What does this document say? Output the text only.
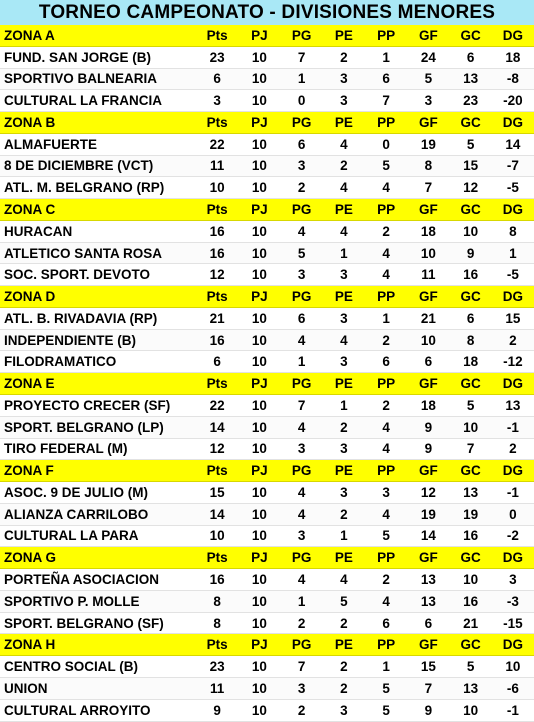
TORNEO CAMPEONATO - DIVISIONES MENORES
ZONA A	Pts	PJ	PG	PE	PP	GF	GC	DG
FUND. SAN JORGE (B)	23	10	7	2	1	24	6	18
SPORTIVO BALNEARIA	6	10	1	3	6	5	13	-8
CULTURAL LA FRANCIA	3	10	0	3	7	3	23	-20
ZONA B	Pts	PJ	PG	PE	PP	GF	GC	DG
ALMAFUERTE	22	10	6	4	0	19	5	14
8 DE DICIEMBRE (VCT)	11	10	3	2	5	8	15	-7
ATL. M. BELGRANO (RP)	10	10	2	4	4	7	12	-5
ZONA C	Pts	PJ	PG	PE	PP	GF	GC	DG
HURACAN	16	10	4	4	2	18	10	8
ATLETICO SANTA ROSA	16	10	5	1	4	10	9	1
SOC. SPORT. DEVOTO	12	10	3	3	4	11	16	-5
ZONA D	Pts	PJ	PG	PE	PP	GF	GC	DG
ATL. B. RIVADAVIA (RP)	21	10	6	3	1	21	6	15
INDEPENDIENTE (B)	16	10	4	4	2	10	8	2
FILODRAMATICO	6	10	1	3	6	6	18	-12
ZONA E	Pts	PJ	PG	PE	PP	GF	GC	DG
PROYECTO CRECER (SF)	22	10	7	1	2	18	5	13
SPORT. BELGRANO (LP)	14	10	4	2	4	9	10	-1
TIRO FEDERAL (M)	12	10	3	3	4	9	7	2
ZONA F	Pts	PJ	PG	PE	PP	GF	GC	DG
ASOC. 9 DE JULIO (M)	15	10	4	3	3	12	13	-1
ALIANZA CARRILOBO	14	10	4	2	4	19	19	0
CULTURAL LA PARA	10	10	3	1	5	14	16	-2
ZONA G	Pts	PJ	PG	PE	PP	GF	GC	DG
PORTEÑA ASOCIACION	16	10	4	4	2	13	10	3
SPORTIVO P. MOLLE	8	10	1	5	4	13	16	-3
SPORT. BELGRANO (SF)	8	10	2	2	6	6	21	-15
ZONA H	Pts	PJ	PG	PE	PP	GF	GC	DG
CENTRO SOCIAL (B)	23	10	7	2	1	15	5	10
UNION	11	10	3	2	5	7	13	-6
CULTURAL ARROYITO	9	10	2	3	5	9	10	-1
